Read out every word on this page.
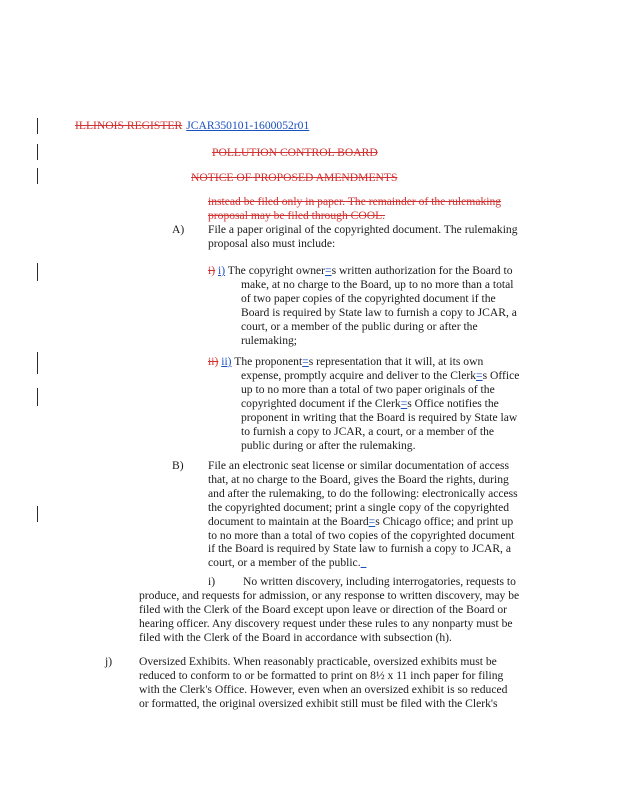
ILLINOIS REGISTER JCAR350101-1600052r01
POLLUTION CONTROL BOARD
NOTICE OF PROPOSED AMENDMENTS
instead be filed only in paper. The remainder of the rulemaking
proposal may be filed through COOL.
A) File a paper original of the copyrighted document. The rulemaking
proposal also must include:
i) i) The copyright owner=s written authorization for the Board to
make, at no charge to the Board, up to no more than a total
of two paper copies of the copyrighted document if the
Board is required by State law to furnish a copy to JCAR, a
court, or a member of the public during or after the
rulemaking;
ii) ii) The proponent=s representation that it will, at its own
expense, promptly acquire and deliver to the Clerk=s Office
up to no more than a total of two paper originals of the
copyrighted document if the Clerk=s Office notifies the
proponent in writing that the Board is required by State law
to furnish a copy to JCAR, a court, or a member of the
public during or after the rulemaking.
B) File an electronic seat license or similar documentation of access
that, at no charge to the Board, gives the Board the rights, during
and after the rulemaking, to do the following: electronically access
the copyrighted document; print a single copy of the copyrighted
document to maintain at the Board=s Chicago office; and print up
to no more than a total of two copies of the copyrighted document
if the Board is required by State law to furnish a copy to JCAR, a
court, or a member of the public.​
i) No written discovery, including interrogatories, requests to
produce, and requests for admission, or any response to written discovery, may be
filed with the Clerk of the Board except upon leave or direction of the Board or
hearing officer. Any discovery request under these rules to any nonparty must be
filed with the Clerk of the Board in accordance with subsection (h).
j) Oversized Exhibits. When reasonably practicable, oversized exhibits must be
reduced to conform to or be formatted to print on 8½ x 11 inch paper for filing
with the Clerk's Office. However, even when an oversized exhibit is so reduced
or formatted, the original oversized exhibit still must be filed with the Clerk's
